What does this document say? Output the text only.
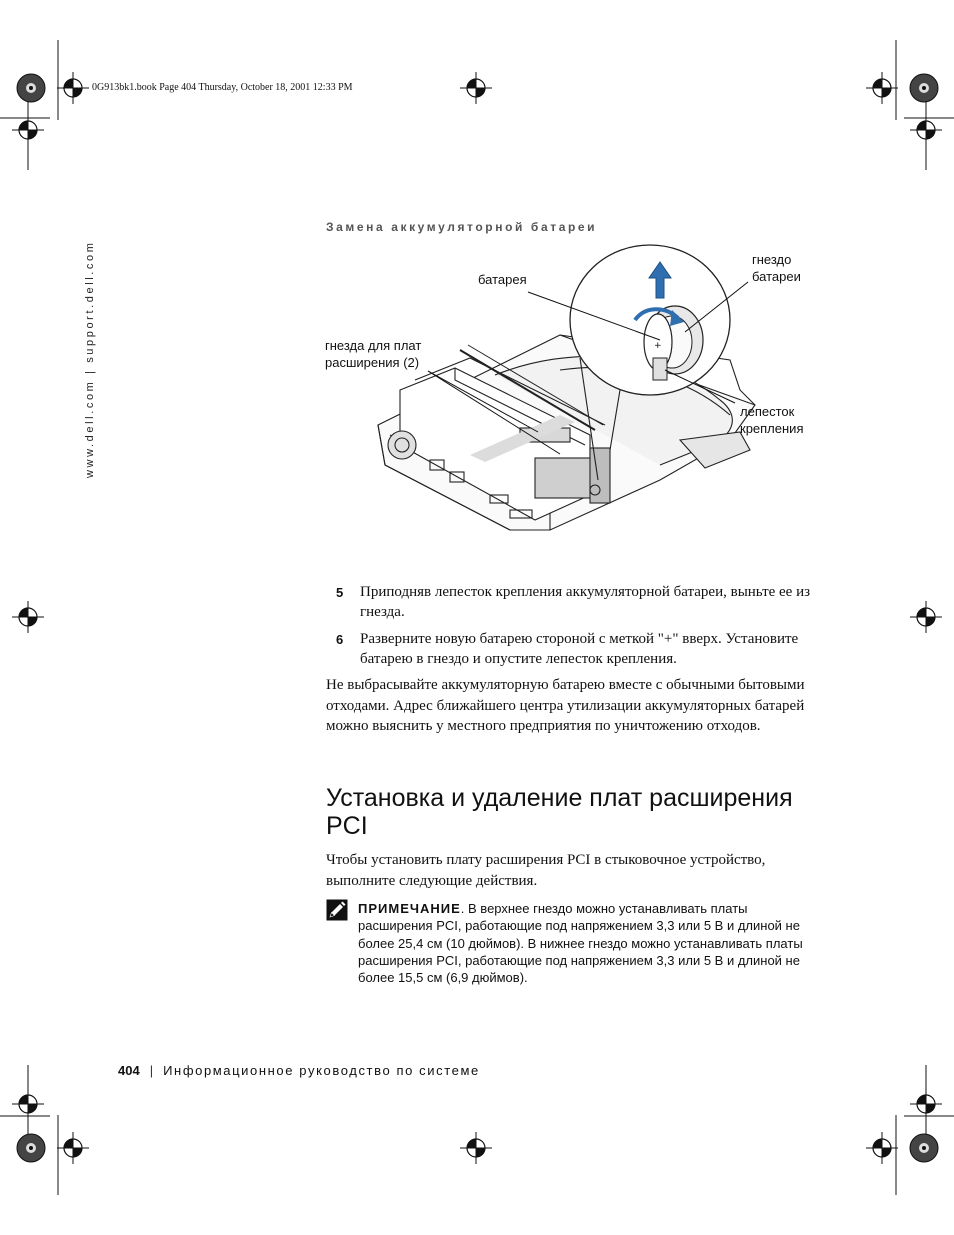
0G913bk1.book Page 404 Thursday, October 18, 2001 12:33 PM
www.dell.com | support.dell.com
Замена аккумуляторной батареи
+
батарея
гнездо
батареи
гнезда для плат
расширения (2)
лепесток
крепления
5 Приподняв лепесток крепления аккумуляторной батареи, выньте ее из гнезда.
6 Разверните новую батарею стороной с меткой "+" вверх. Установите батарею в гнездо и опустите лепесток крепления.
Не выбрасывайте аккумуляторную батарею вместе с обычными бытовыми отходами. Адрес ближайшего центра утилизации аккумуляторных батарей можно выяснить у местного предприятия по уничтожению отходов.
Установка и удаление плат расширения PCI
Чтобы установить плату расширения PCI в стыковочное устройство, выполните следующие действия.
ПРИМЕЧАНИЕ. В верхнее гнездо можно устанавливать платы расширения PCI, работающие под напряжением 3,3 или 5 В и длиной не более 25,4 см (10 дюймов). В нижнее гнездо можно устанавливать платы расширения PCI, работающие под напряжением 3,3 или 5 В и длиной не более 15,5 см (6,9 дюймов).
404 | Информационное руководство по системе
